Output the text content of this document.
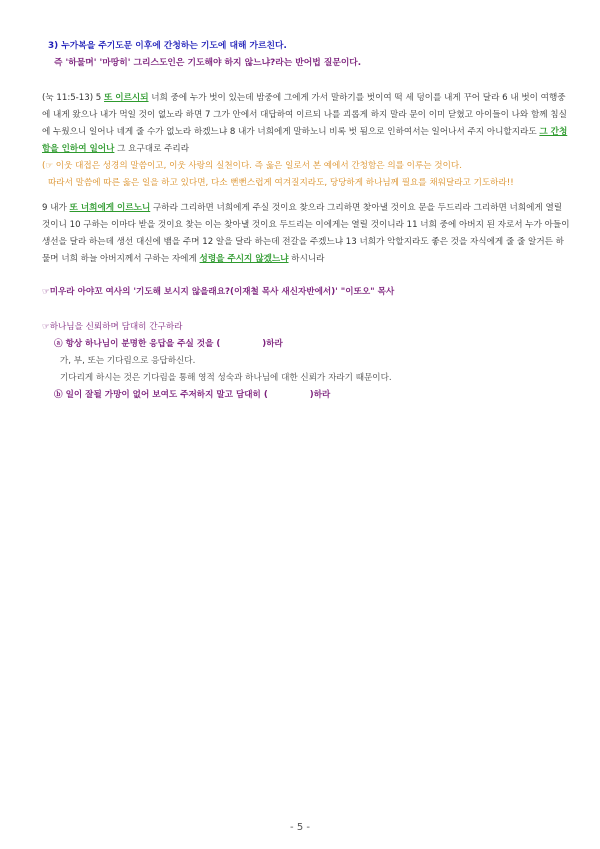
3) 누가복을 주기도문 이후에 간청하는 기도에 대해 가르친다.

즉 '하물며' '마땅히' 그리스도인은 기도해야 하지 않느냐?라는 반어법 질문이다.

(눅 11:5-13) 5 또 이르시되 너희 중에 누가 벗이 있는데 밤중에 그에게 가서 말하기를 벗이여 떡 세 덩이를 내게 꾸어 달라 6 내 벗이 여행중에 내게 왔으나 내가 먹일 것이 없노라 하면 7 그가 안에서 대답하여 이르되 나를 괴롭게 하지 말라 문이 이미 닫혔고 아이들이 나와 함께 침실에 누웠으니 일어나 네게 줄 수가 없노라 하겠느냐 8 내가 너희에게 말하노니 비록 벗 됨으로 인하여서는 일어나서 주지 아니할지라도 그 간청함을 인하여 일어나 그 요구대로 주리라

(☞ 이웃 대접은 성경의 말씀이고, 이웃 사랑의 실천이다. 즉 옳은 일로서 본 예에서 간청함은 의를 이루는 것이다.

따라서 말씀에 따른 옳은 일을 하고 있다면, 다소 뻔뻔스럽게 여겨질지라도, 당당하게 하나님께 필요를 채워달라고 기도하라!!

9 내가 또 너희에게 이르노니 구하라 그리하면 너희에게 주실 것이요 찾으라 그리하면 찾아낼 것이요 문을 두드리라 그리하면 너희에게 열릴 것이니 10 구하는 이마다 받을 것이요 찾는 이는 찾아낼 것이요 두드리는 이에게는 열릴 것이니라 11 너희 중에 아버지 된 자로서 누가 아들이 생선을 달라 하는데 생선 대신에 뱀을 주며 12 알을 달라 하는데 전갈을 주겠느냐 13 너희가 악할지라도 좋은 것을 자식에게 줄 줄 알거든 하물며 너희 하늘 아버지께서 구하는 자에게 성령을 주시지 않겠느냐 하시니라

☞미우라 아야꼬 여사의 '기도해 보시지 않을래요?(이재철 목사 새신자반에서)' "이또오" 목사

☞하나님을 신뢰하며 담대히 간구하라

ⓐ 항상 하나님이 분명한 응답을 주실 것을 (	)하라

가, 부, 또는 기다림으로 응답하신다.

기다리게 하시는 것은 기다림을 통해 영적 성숙과 하나님에 대한 신뢰가 자라기 때문이다.

ⓑ 일이 잘될 가망이 없어 보여도 주저하지 말고 담대히 (	)하라

- 5 -
